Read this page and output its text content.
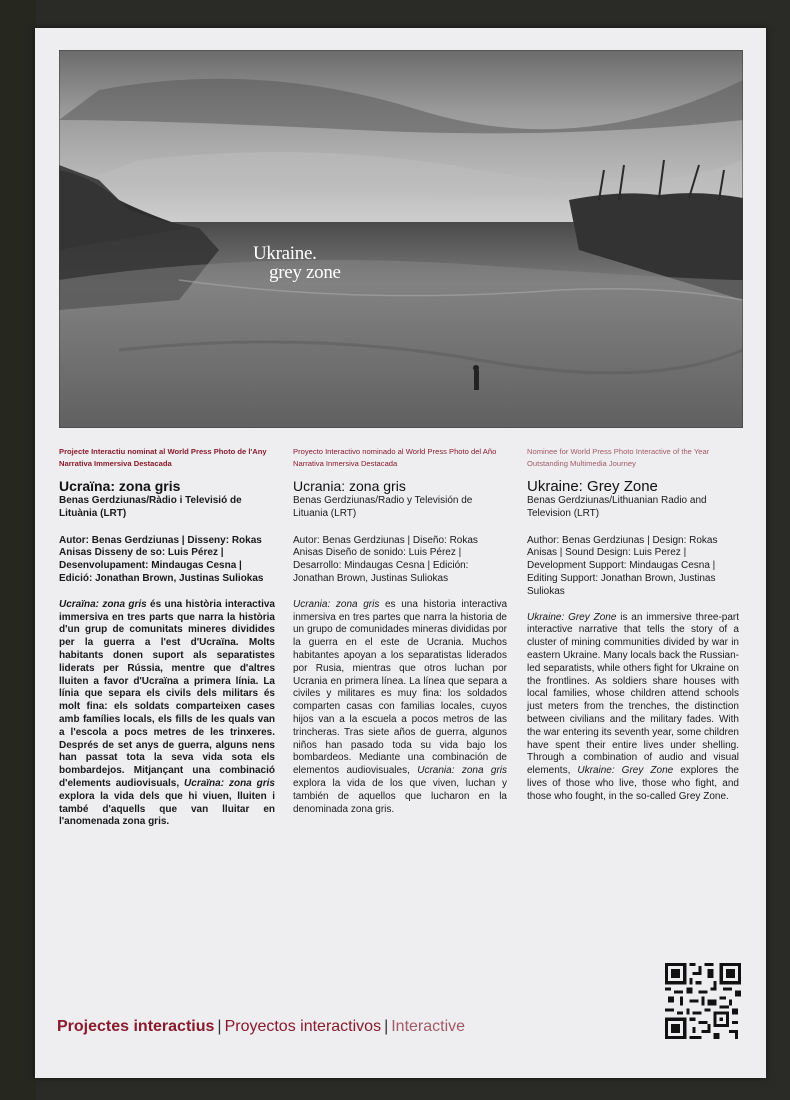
Ukraine.
grey zone
Projecte Interactiu nominat al World Press Photo de l'Any
Narrativa Immersiva Destacada
Ucraïna: zona gris
Benas Gerdziunas/Ràdio i Televisió de Lituània (LRT)
Autor: Benas Gerdziunas | Disseny: Rokas Anisas Disseny de so: Luis Pérez | Desenvolupament: Mindaugas Cesna | Edició: Jonathan Brown, Justinas Suliokas
Ucraïna: zona gris és una història interactiva immersiva en tres parts que narra la història d'un grup de comunitats mineres dividides per la guerra a l'est d'Ucraïna. Molts habitants donen suport als separatistes liderats per Rússia, mentre que d'altres lluiten a favor d'Ucraïna a primera línia. La línia que separa els civils dels militars és molt fina: els soldats comparteixen cases amb famílies locals, els fills de les quals van a l'escola a pocs metres de les trinxeres. Després de set anys de guerra, alguns nens han passat tota la seva vida sota els bombardejos. Mitjançant una combinació d'elements audiovisuals, Ucraïna: zona gris explora la vida dels que hi viuen, lluiten i també d'aquells que van lluitar en l'anomenada zona gris.
Proyecto Interactivo nominado al World Press Photo del Año
Narrativa Inmersiva Destacada
Ucrania: zona gris
Benas Gerdziunas/Radio y Televisión de Lituania (LRT)
Autor: Benas Gerdziunas | Diseño: Rokas Anisas Diseño de sonido: Luis Pérez | Desarrollo: Mindaugas Cesna | Edición: Jonathan Brown, Justinas Suliokas
Ucrania: zona gris es una historia interactiva inmersiva en tres partes que narra la historia de un grupo de comunidades mineras divididas por la guerra en el este de Ucrania. Muchos habitantes apoyan a los separatistas liderados por Rusia, mientras que otros luchan por Ucrania en primera línea. La línea que separa a civiles y militares es muy fina: los soldados comparten casas con familias locales, cuyos hijos van a la escuela a pocos metros de las trincheras. Tras siete años de guerra, algunos niños han pasado toda su vida bajo los bombardeos. Mediante una combinación de elementos audiovisuales, Ucrania: zona gris explora la vida de los que viven, luchan y también de aquellos que lucharon en la denominada zona gris.
Nominee for World Press Photo Interactive of the Year
Outstanding Multimedia Journey
Ukraine: Grey Zone
Benas Gerdziunas/Lithuanian Radio and Television (LRT)
Author: Benas Gerdziunas | Design: Rokas Anisas | Sound Design: Luis Perez | Development Support: Mindaugas Cesna | Editing Support: Jonathan Brown, Justinas Suliokas
Ukraine: Grey Zone is an immersive three-part interactive narrative that tells the story of a cluster of mining communities divided by war in eastern Ukraine. Many locals back the Russian-led separatists, while others fight for Ukraine on the frontlines. As soldiers share houses with local families, whose children attend schools just meters from the trenches, the distinction between civilians and the military fades. With the war entering its seventh year, some children have spent their entire lives under shelling. Through a combination of audio and visual elements, Ukraine: Grey Zone explores the lives of those who live, those who fight, and those who fought, in the so-called Grey Zone.
Projectes interactius | Proyectos interactivos | Interactive
